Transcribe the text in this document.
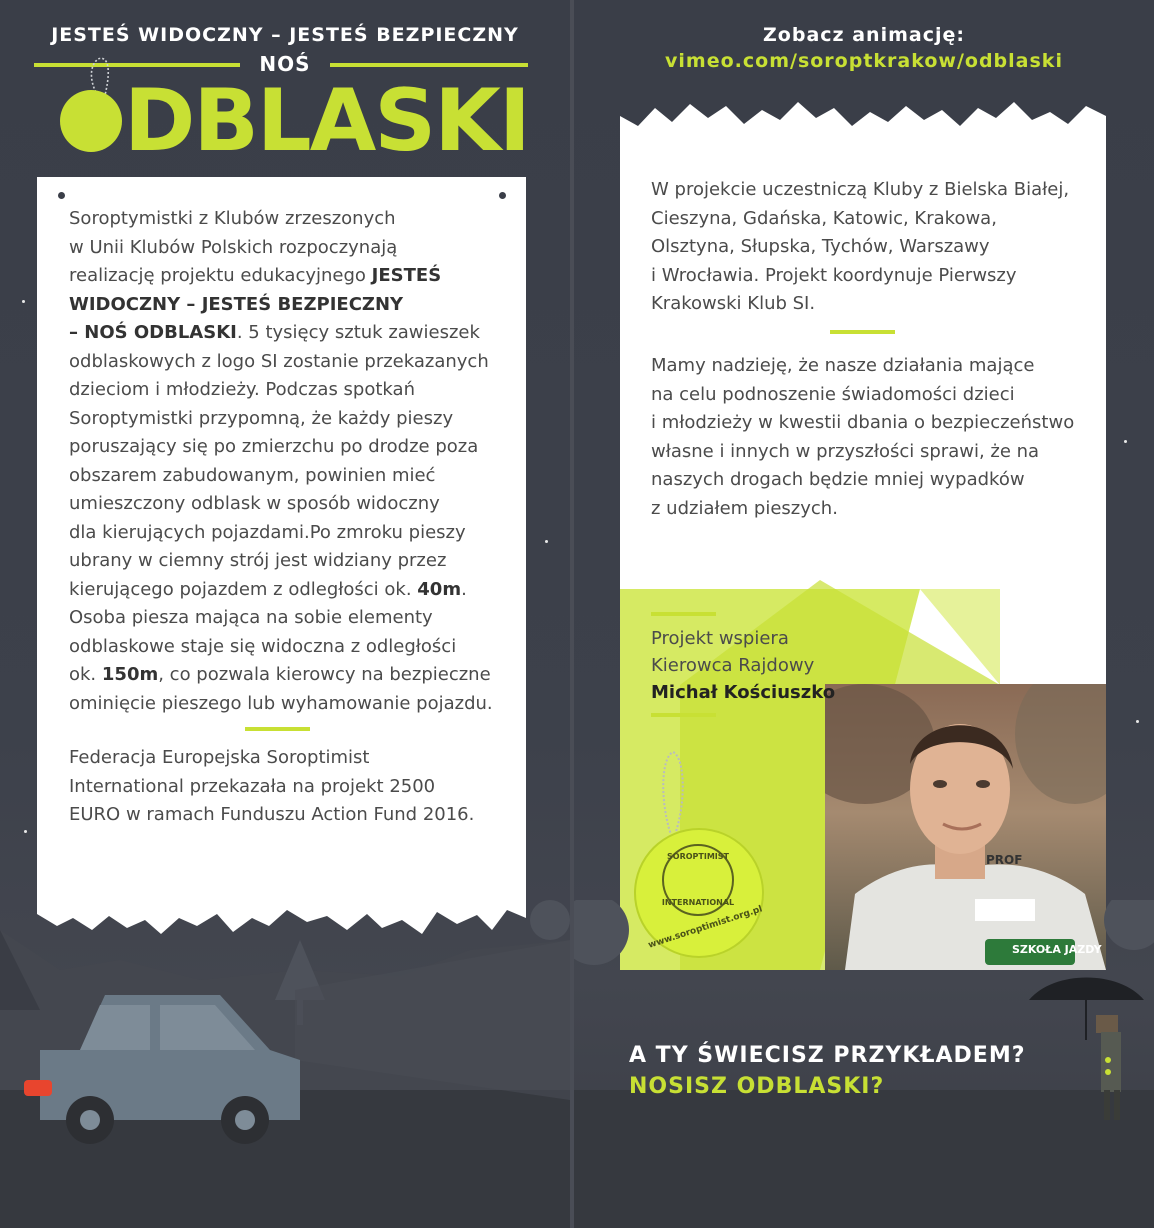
JESTEŚ WIDOCZNY – JESTEŚ BEZPIECZNY
NOŚ
DBLASKI
Soroptymistki z Klubów zrzeszonych
w Unii Klubów Polskich rozpoczynają
realizację projektu edukacyjnego JESTEŚ
WIDOCZNY – JESTEŚ BEZPIECZNY
– NOŚ ODBLASKI. 5 tysięcy sztuk zawieszek
odblaskowych z logo SI zostanie przekazanych
dzieciom i młodzieży. Podczas spotkań
Soroptymistki przypomną, że każdy pieszy
poruszający się po zmierzchu po drodze poza
obszarem zabudowanym, powinien mieć
umieszczony odblask w sposób widoczny
dla kierujących pojazdami.Po zmroku pieszy
ubrany w ciemny strój jest widziany przez
kierującego pojazdem z odległości ok. 40m.
Osoba piesza mająca na sobie elementy
odblaskowe staje się widoczna z odległości
ok. 150m, co pozwala kierowcy na bezpieczne
ominięcie pieszego lub wyhamowanie pojazdu.
Federacja Europejska Soroptimist
International przekazała na projekt 2500
EURO w ramach Funduszu Action Fund 2016.
Zobacz animację:
vimeo.com/soroptkrakow/odblaski
W projekcie uczestniczą Kluby z Bielska Białej,
Cieszyna, Gdańska, Katowic, Krakowa,
Olsztyna, Słupska, Tychów, Warszawy
i Wrocławia. Projekt koordynuje Pierwszy
Krakowski Klub SI.
Mamy nadzieję, że nasze działania mające
na celu podnoszenie świadomości dzieci
i młodzieży w kwestii dbania o bezpieczeństwo
własne i innych w przyszłości sprawi, że na
naszych drogach będzie mniej wypadków
z udziałem pieszych.
PROF
SZKOŁA JAZDY
Projekt wspiera
Kierowca Rajdowy
Michał Kościuszko
SOROPTIMIST
INTERNATIONAL
www.soroptimist.org.pl
A TY ŚWIECISZ PRZYKŁADEM?
NOSISZ ODBLASKI?
